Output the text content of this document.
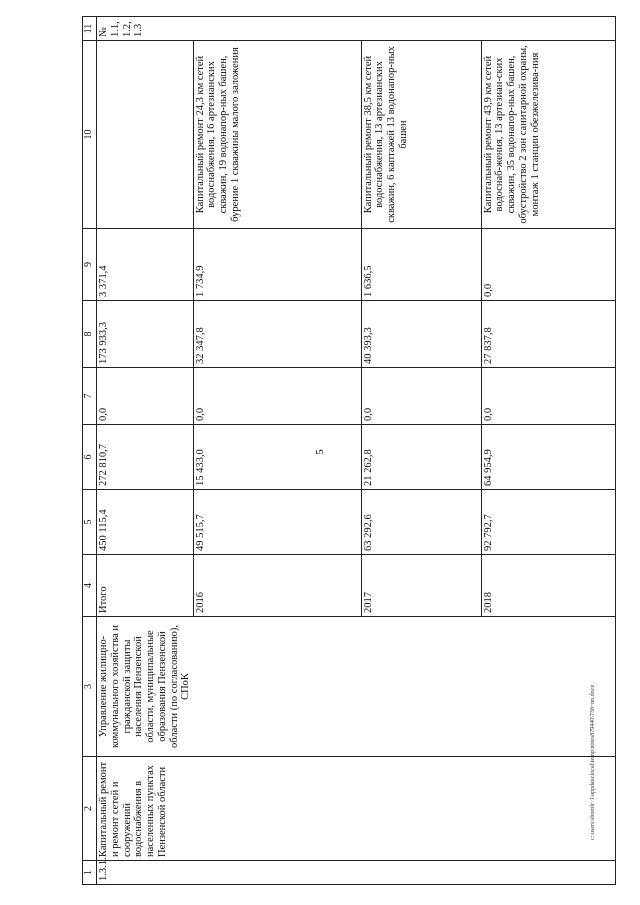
5
1	2	3	4	5	6	7	8	9	10	11
1.3.1.	Капитальный ремонт и ремонт сетей и сооружений водоснабжения в населенных пунктах Пензенской области	Управление жилищно-коммунального хозяйства и гражданской защиты населения Пензенской области, муниципальные образования Пензенской области (по согласованию), СПоК	Итого	450 115,4	272 810,7	0,0	173 933,3	3 371,4		№ 1.1, 1.2, 1.3
			2016	49 515,7	15 433,0	0,0	32 347,8	1 734,9	Капитальный ремонт 24,3 км сетей водоснабжения, 16 артезианских скважин, 19 водонапор-ных башен, бурение 1 скважины малого заложения	
			2017	63 292,6	21 262,8	0,0	40 393,3	1 636,5	Капитальный ремонт 38,5 км сетей водоснабжения, 13 артезианских скважин, 6 каптажей 13 водонапор-ных башен	
			2018	92 792,7	64 954,9	0,0	27 837,8	0,0	Капитальный ремонт 43,9 км сетей водоснаб-жения, 13 артезиан-ских скважин, 35 водонапор-ных башен, обустройство 2 зон санитарной охраны, монтаж 1 станции обезжелезива-ния	
c:\users\sboroh~1\appdata\local\temp\notes879440\738~nn.docx
